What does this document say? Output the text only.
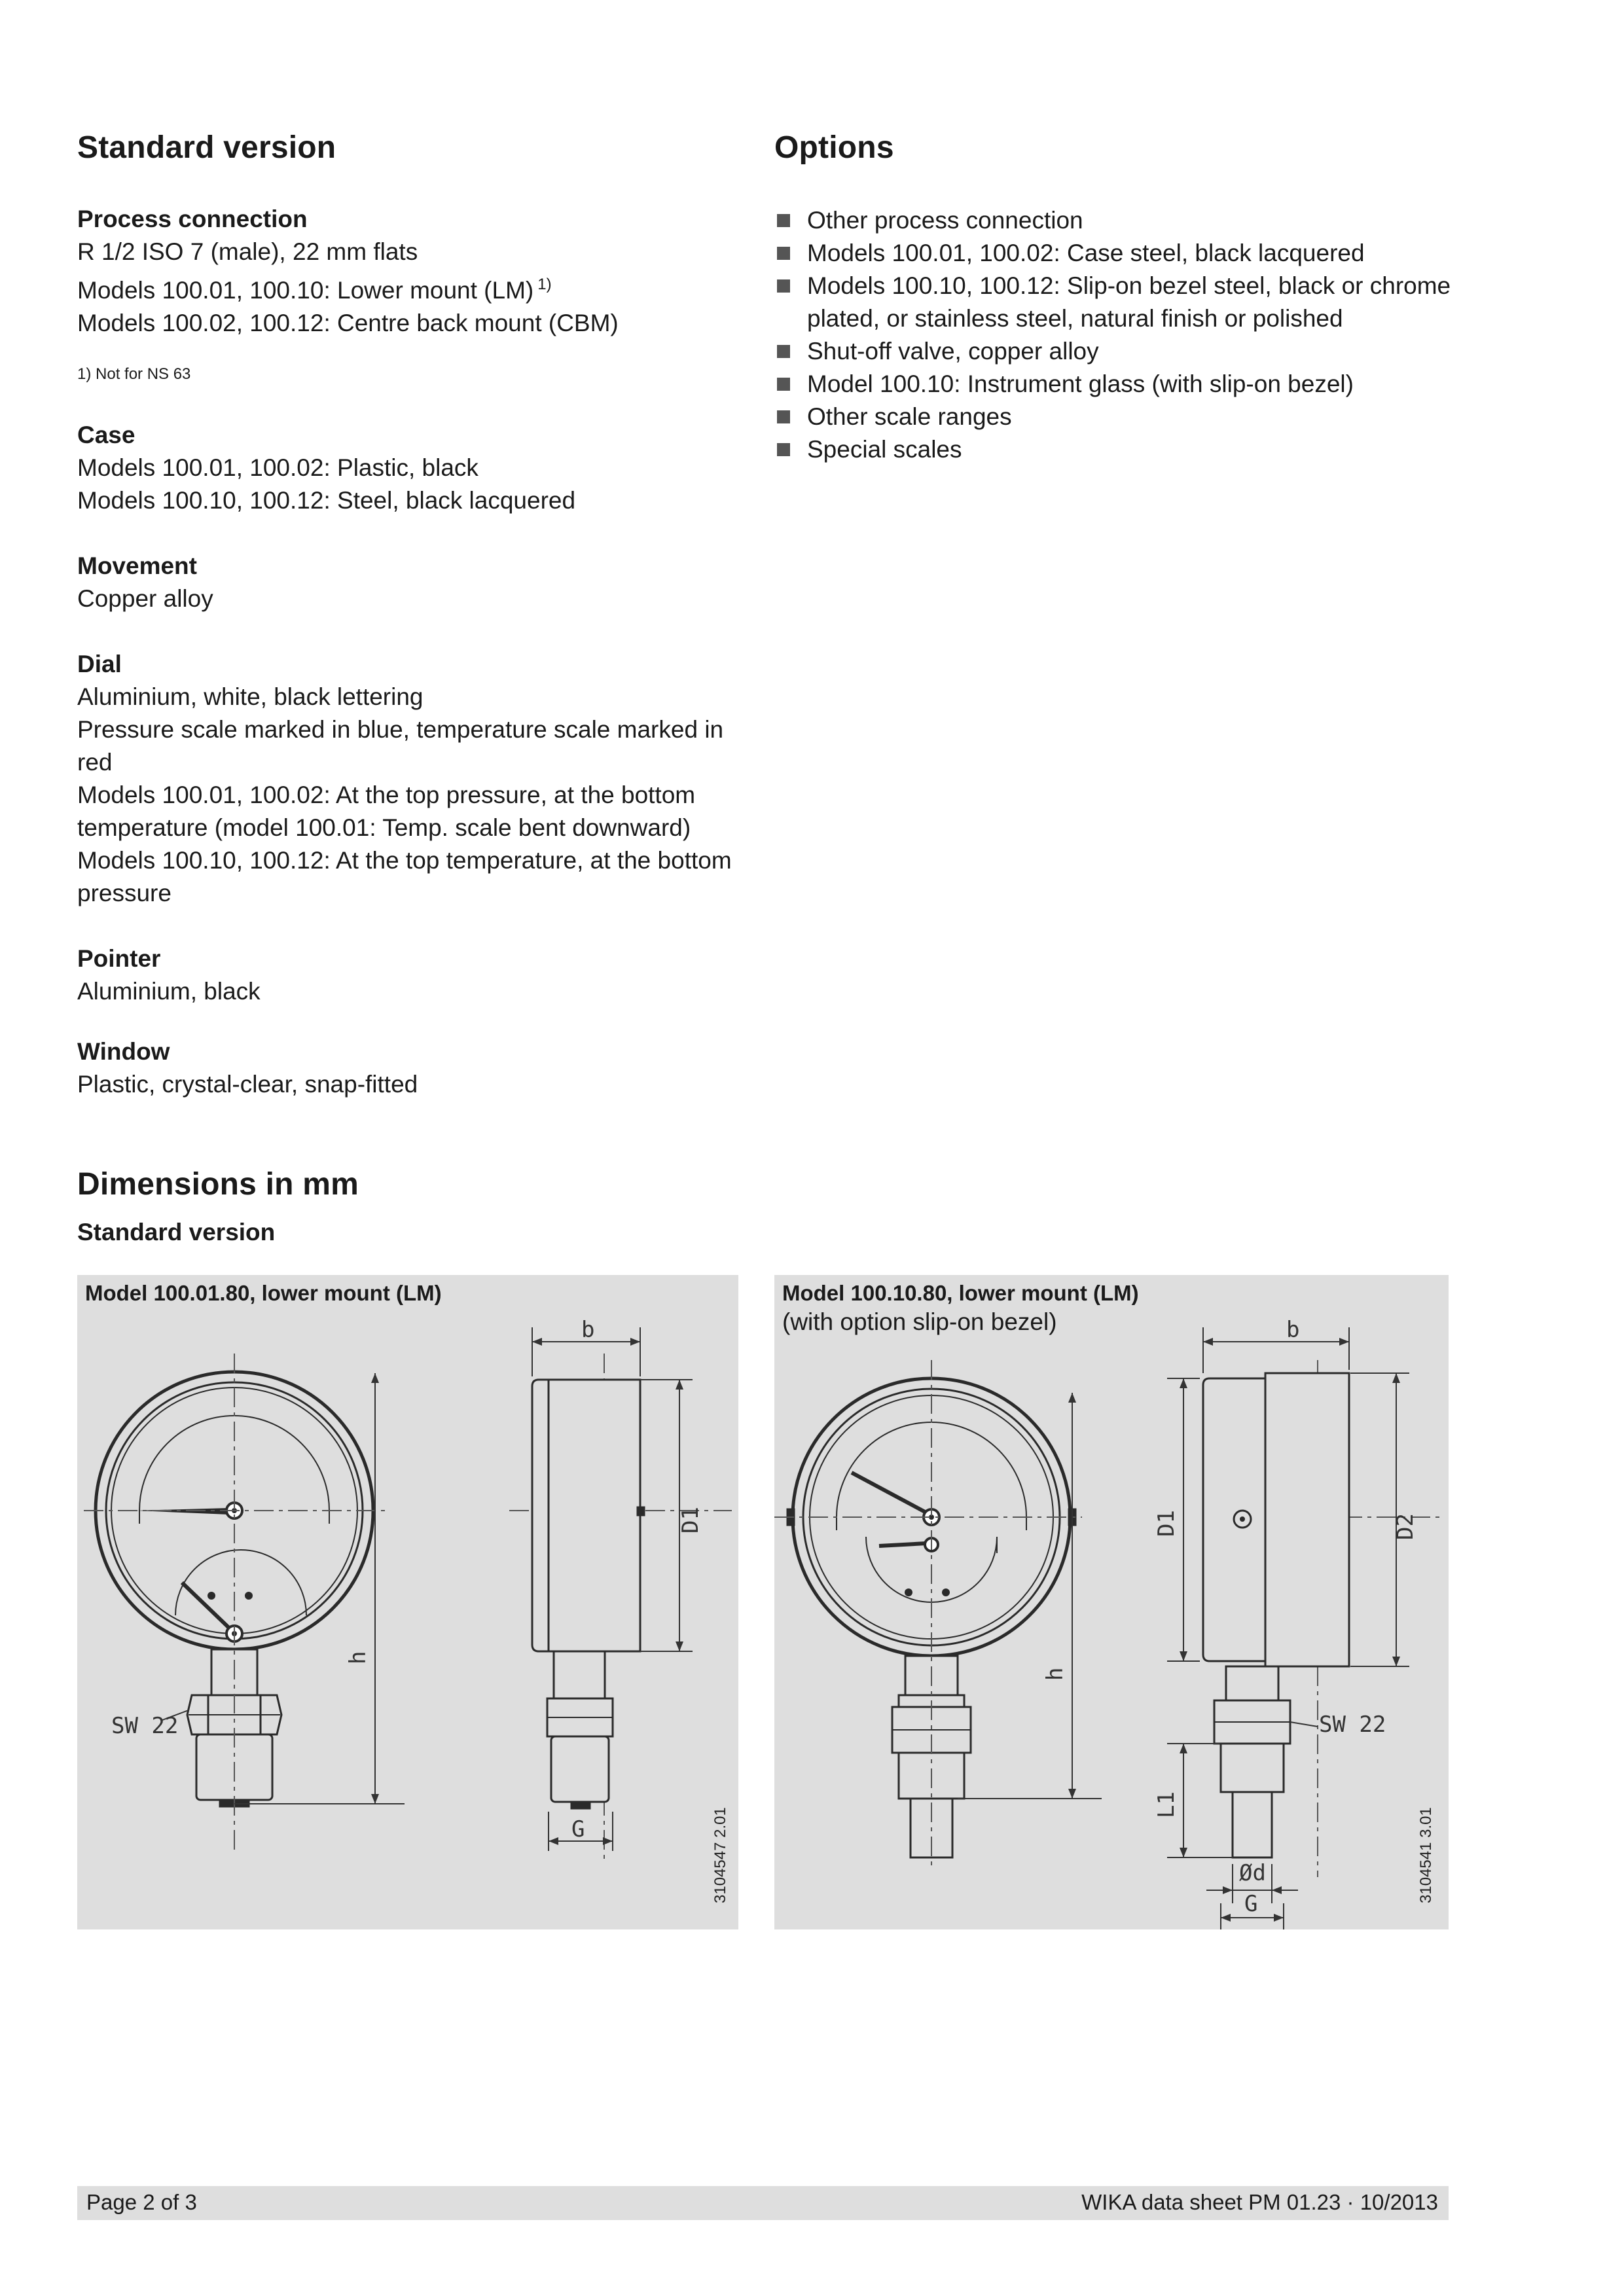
Standard version
Process connection
R 1/2 ISO 7 (male), 22 mm flats
Models 100.01, 100.10: Lower mount (LM) $^{1)}$
Models 100.02, 100.12: Centre back mount (CBM)
1) Not for NS 63
Case
Models 100.01, 100.02: Plastic, black
Models 100.10, 100.12: Steel, black lacquered
Movement
Copper alloy
Dial
Aluminium, white, black lettering
Pressure scale marked in blue, temperature scale marked in
red
Models 100.01, 100.02: At the top pressure, at the bottom
temperature (model 100.01: Temp. scale bent downward)
Models 100.10, 100.12: At the top temperature, at the bottom
pressure
Pointer
Aluminium, black
Window
Plastic, crystal-clear, snap-fitted
Dimensions in mm
Standard version
Options
Other process connection
Models 100.01, 100.02: Case steel, black lacquered
Models 100.10, 100.12: Slip-on bezel steel, black or chrome plated, or stainless steel, natural finish or polished
Shut-off valve, copper alloy
Model 100.10: Instrument glass (with slip-on bezel)
Other scale ranges
Special scales
Model 100.01.80, lower mount (LM)
b
D1
h
SW 22
G	3104547 2.01
Model 100.10.80, lower mount (LM)
(with option slip-on bezel)	b
D1	D2
h
L1
SW 22
Ød
G
3104541 3.01
Page 2 of 3	WIKA data sheet PM 01.23 · 10/2013
